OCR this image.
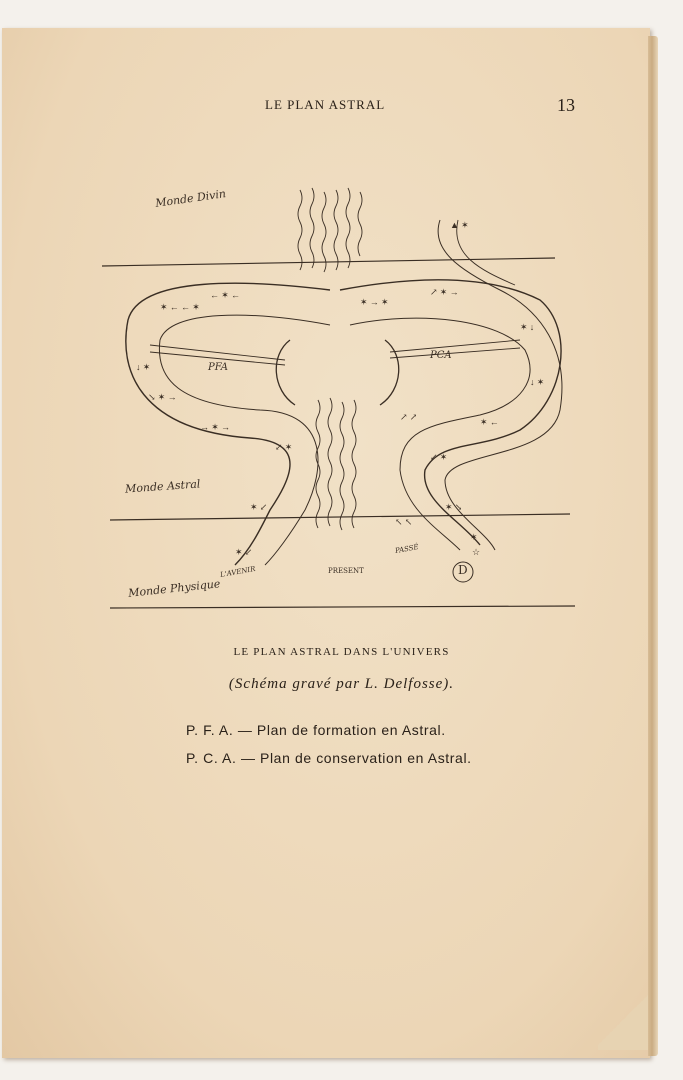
LE PLAN ASTRAL	13
✶ ← ← ✶
← ✶ ←
↓ ✶
↘ ✶ →
→ ✶ →
↙ ✶
✶ ↙
✶ ↙
✶ → ✶
↗ ✶ →
✶ ↓
↓ ✶
✶ ←
↙ ✶
✶ ↘
✶
▲ ✶
☆
↖ ↖
↗ ↗
Monde Divin
Monde Astral
Monde Physique
PFA
PCA
L'AVENIR	PRESENT
PASSÉ
D
LE PLAN ASTRAL DANS L'UNIVERS
(Schéma gravé par L. Delfosse).
P. F. A. — Plan de formation en Astral.
P. C. A. — Plan de conservation en Astral.
